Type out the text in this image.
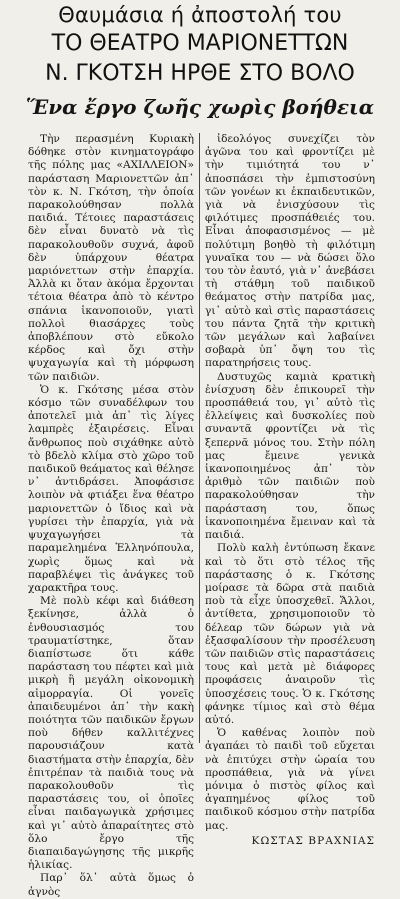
Θαυμάσια ή ἀποστολή του
ΤΟ ΘΕΑΤΡΟ ΜΑΡΙΟΝΕΤΤΩΝ
Ν. ΓΚΟΤΣΗ ΗΡΘΕ ΣΤΟ ΒΟΛΟ
Ἕνα ἔργο ζωῆς χωρὶς βοήθεια

Τὴν περασμένη Κυριακὴ δόθηκε στὸν κινηματογράφο τῆς πόλης μας «ΑΧΙΛΛΕΙΟΝ» παράσταση Μαριονεττῶν ἀπ᾽ τὸν κ. Ν. Γκότση, τὴν ὁποία παρακολούθησαν πολλὰ παιδιά. Τέτοιες παραστάσεις δὲν εἶναι δυνατὸ νὰ τὶς παρακολουθοῦν συχνά, ἀφοῦ δὲν ὑπάρχουν θέατρα μαριόνεττων στὴν ἐπαρχία. Ἀλλὰ κι ὅταν ὰκόμα ἔρχονται τέτοια θέατρα ἀπὸ τὸ κέντρο σπάνια ἱκανοποιοῦν, γιατὶ πολλοὶ θιασάρχες τοὺς ἀποβλέπουν στὸ εὔκολο κέρδος καὶ ὄχι στὴν ψυχαγωγία καὶ τὴ μόρφωση τῶν παιδιῶν.

Ὁ κ. Γκότσης μέσα στὸν κόσμο τῶν συναδέλφων του ἀποτελεῖ μιὰ ἀπ᾽ τὶς λίγες λαμπρὲς ἐξαιρέσεις. Εἶναι ἄνθρωπος ποὺ σιχάθηκε αὐτὸ τὸ βδελὸ κλίμα στὸ χῶρο τοῦ παιδικοῦ θεάματος καὶ θέλησε ν᾽ ἀντιδράσει. Ἀποφάσισε λοιπὸν νὰ φτιάξει ἕνα θέατρο μαριονεττῶν ὁ ἴδιος καὶ νὰ γυρίσει τὴν ἐπαρχία, γιὰ νὰ ψυχαγωγήσει τὰ παραμελημένα Ἑλληνόπουλα, χωρὶς ὅμως καὶ νὰ παραβλέψει τὶς ἀνάγκες τοῦ χαρακτῆρα τους.

Μὲ πολὺ κέφι καὶ διάθεση ξεκίνησε, ἀλλὰ ὁ ἐνθουσιασμός του τραυματίστηκε, ὅταν διαπίστωσε ὅτι κάθε παράσταση του πέφτει καὶ μιὰ μικρὴ ἢ μεγάλη οἰκονομικὴ αἱμορραγία. Οἱ γονεῖς ἀπαιδευμένοι ἀπ᾽ τὴν κακὴ ποιότητα τῶν παιδικῶν ἔργων ποὺ δήθεν καλλιτέχνες παρουσιάζουν κατὰ διαστήματα στὴν ἐπαρχία, δὲν ἐπιτρέπαν τὰ παιδιὰ τους νὰ παρακολουθοῦν τὶς παραστάσεις του, οἱ ὁποῖες εἶναι παιδαγωγικὰ χρήσιμες καὶ γι᾽ αὐτὸ ἀπαραίτητες στὸ ὅλο ἔργο τῆς διαπαιδαγώγησης τῆς μικρῆς ἡλικίας.

Παρ᾽ ὅλ᾽ αὐτὰ ὅμως ὁ ἀγνὸς

ἰδεολόγος συνεχίζει τὸν ἀγῶνα του καὶ φροντίζει μὲ τὴν τιμιότητά του ν᾽ ἀποσπάσει τὴν ἐμπιστοσύνη τῶν γονέων κι ἐκπαιδευτικῶν, γιὰ νὰ ἐνισχύσουν τὶς φιλότιμες προσπάθειές του. Εἶναι ἀποφασισμένος — μὲ πολύτιμη βοηθὸ τὴ φιλότιμη γυναῖκα του — νὰ δώσει ὅλο του τὸν ἑαυτό, γιὰ ν᾽ ἀνεβάσει τὴ στάθμη τοῦ παιδικοῦ θεάματος στὴν πατρίδα μας, γι᾽ αὐτὸ καὶ στὶς παραστάσεις του πάντα ζητᾶ τὴν κριτικὴ τῶν μεγάλων καὶ λαβαίνει σοβαρὰ ὑπ᾽ ὄψη του τὶς παρατηρήσεις τους.

Δυστυχῶς καμιὰ κρατικὴ ἐνίσχυση δὲν ἐπικουρεῖ τὴν προσπάθειά του, γι᾽ αὐτὸ τὶς ἐλλείψεις καὶ δυσκολίες ποὺ συναντᾶ φροντίζει νὰ τὶς ξεπερνᾶ μόνος του. Στὴν πόλη μας ἔμεινε γενικὰ ἱκανοποιημένος ἀπ᾽ τὸν ἀριθμὸ τῶν παιδιῶν ποὺ παρακολούθησαν τὴν παράσταση του, ὅπως ἱκανοποιημένα ἔμειναν καὶ τὰ παιδιά.

Πολὺ καλὴ ἐντύπωση ἔκανε καὶ τὸ ὅτι στὸ τέλος τῆς παράστασης ὁ κ. Γκότσης μοίρασε τὰ δῶρα στὰ παιδιὰ ποὺ τὰ εἶχε ὑποσχεθεῖ. Ἄλλοι, ἀντίθετα, χρησιμοποιοῦν τὸ δέλεαρ τῶν δώρων γιὰ νὰ ἐξασφαλίσουν τὴν προσέλευση τῶν παιδιῶν στὶς παραστάσεις τους καὶ μετὰ μὲ διάφορες προφάσεις ἀναιροῦν τὶς ὑποσχέσεις τους. Ὁ κ. Γκότσης φάνηκε τίμιος καὶ στὸ θέμα αὐτό.

Ὁ καθένας λοιπὸν ποὺ ἀγαπάει τὸ παιδὶ τοῦ εὔχεται νὰ ἐπιτύχει στὴν ὡραία του προσπάθεια, γιὰ νὰ γίνει μόνιμα ὁ πιστὸς φίλος καὶ ἀγαπημένος φίλος τοῦ παιδικοῦ κόσμου στὴν πατρίδα μας.

ΚΩΣΤΑΣ ΒΡΑΧΝΙΑΣ
